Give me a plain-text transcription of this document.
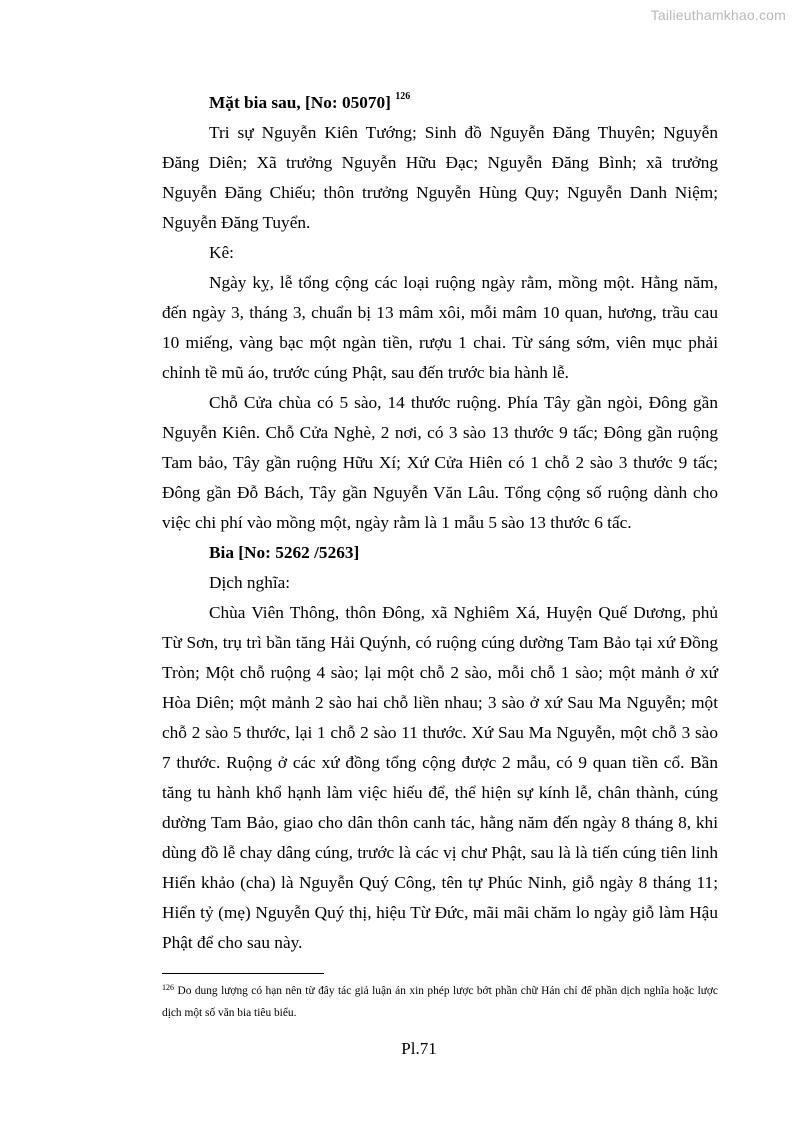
Tailieuthamkhao.com

Mặt bia sau, [No: 05070] $^{126}$

Tri sự Nguyễn Kiên Tướng; Sinh đồ Nguyễn Đăng Thuyên; Nguyễn Đăng Diên; Xã trưởng Nguyễn Hữu Đạc; Nguyễn Đăng Bình; xã trưởng Nguyễn Đăng Chiếu; thôn trưởng Nguyễn Hùng Quy; Nguyễn Danh Niệm; Nguyễn Đăng Tuyển.

Kê:

Ngày kỵ, lễ tổng cộng các loại ruộng ngày rằm, mồng một. Hằng năm, đến ngày 3, tháng 3, chuẩn bị 13 mâm xôi, mỗi mâm 10 quan, hương, trầu cau 10 miếng, vàng bạc một ngàn tiền, rượu 1 chai. Từ sáng sớm, viên mục phải chỉnh tề mũ áo, trước cúng Phật, sau đến trước bia hành lễ.

Chỗ Cửa chùa có 5 sào, 14 thước ruộng. Phía Tây gần ngòi, Đông gần Nguyễn Kiên. Chỗ Cửa Nghè, 2 nơi, có 3 sào 13 thước 9 tấc; Đông gần ruộng Tam bảo, Tây gần ruộng Hữu Xí; Xứ Cửa Hiên có 1 chỗ 2 sào 3 thước 9 tấc; Đông gần Đỗ Bách, Tây gần Nguyễn Văn Lâu. Tổng cộng số ruộng dành cho việc chi phí vào mồng một, ngày rằm là 1 mẫu 5 sào 13 thước 6 tấc.

Bia [No: 5262 /5263]

Dịch nghĩa:

Chùa Viên Thông, thôn Đông, xã Nghiêm Xá, Huyện Quế Dương, phủ Từ Sơn, trụ trì bần tăng Hải Quýnh, có ruộng cúng dường Tam Bảo tại xứ Đồng Tròn; Một chỗ ruộng 4 sào; lại một chỗ 2 sào, mỗi chỗ 1 sào; một mảnh ở xứ Hòa Diên; một mảnh 2 sào hai chỗ liền nhau; 3 sào ở xứ Sau Ma Nguyễn; một chỗ 2 sào 5 thước, lại 1 chỗ 2 sào 11 thước. Xứ Sau Ma Nguyễn, một chỗ 3 sào 7 thước. Ruộng ở các xứ đồng tổng cộng được 2 mẫu, có 9 quan tiền cổ. Bần tăng tu hành khổ hạnh làm việc hiếu để, thể hiện sự kính lễ, chân thành, cúng dường Tam Bảo, giao cho dân thôn canh tác, hằng năm đến ngày 8 tháng 8, khi dùng đồ lễ chay dâng cúng, trước là các vị chư Phật, sau là là tiến cúng tiên linh Hiển khảo (cha) là Nguyễn Quý Công, tên tự Phúc Ninh, giỗ ngày 8 tháng 11; Hiển tỷ (mẹ) Nguyễn Quý thị, hiệu Từ Đức, mãi mãi chăm lo ngày giỗ làm Hậu Phật để cho sau này.

$^{126}$ Do dung lượng có hạn nên từ đây tác giả luận án xin phép lược bớt phần chữ Hán chỉ để phần dịch nghĩa hoặc lược dịch một số văn bia tiêu biểu.
Pl.71
